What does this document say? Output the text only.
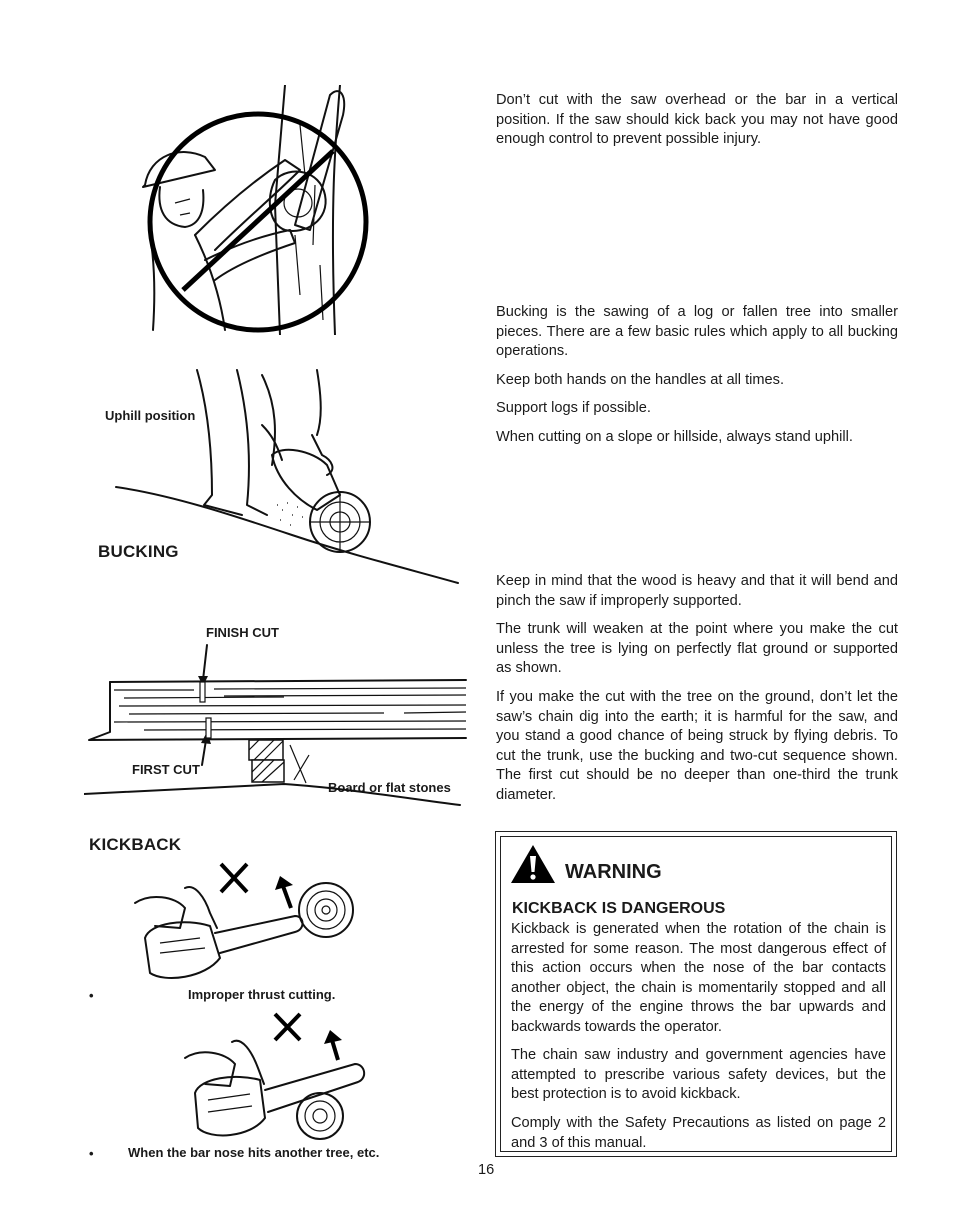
Don’t cut with the saw overhead or the bar in a vertical position. If the saw should kick back you may not have good enough control to prevent possible injury.

Uphill position
BUCKING

Bucking is the sawing of a log or fallen tree into smaller pieces. There are a few basic rules which apply to all bucking operations.

Keep both hands on the handles at all times.

Support logs if possible.

When cutting on a slope or hillside, always stand uphill.

FINISH CUT
FIRST CUT
Board or flat stones

Keep in mind that the wood is heavy and that it will bend and pinch the saw if improperly supported.

The trunk will weaken at the point where you make the cut unless the tree is lying on perfectly flat ground or supported as shown.

If you make the cut with the tree on the ground, don’t let the saw’s chain dig into the earth; it is harmful for the saw, and you stand a good chance of being struck by flying debris. To cut the trunk, use the bucking and two-cut sequence shown. The first cut should be no deeper than one-third the trunk diameter.

KICKBACK
•	Improper thrust cutting.
•	When the bar nose hits another tree, etc.
WARNING
KICKBACK IS DANGEROUS

Kickback is generated when the rotation of the chain is arrested for some reason. The most dangerous effect of this action occurs when the nose of the bar contacts another object, the chain is momentarily stopped and all the energy of the engine throws the bar upwards and backwards towards the operator.

The chain saw industry and government agencies have attempted to prescribe various safety devices, but the best protection is to avoid kickback.

Comply with the Safety Precautions as listed on page 2 and 3 of this manual.

16
